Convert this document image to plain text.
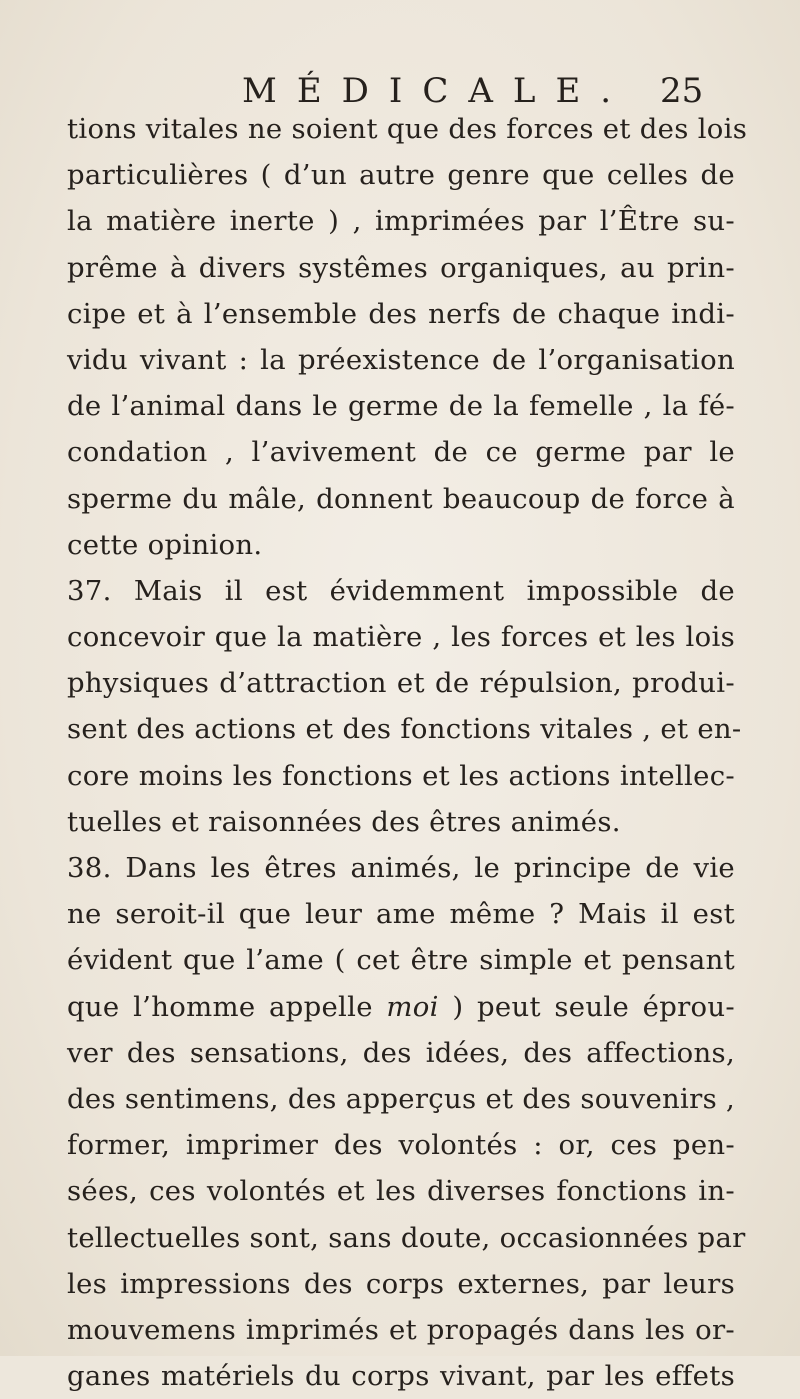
MÉDICALE. 25
tions vitales ne soient que des forces et des lois
particulières ( d’un autre genre que celles de
la matière inerte ) , imprimées par l’Être su-
prême à divers systêmes organiques, au prin-
cipe et à l’ensemble des nerfs de chaque indi-
vidu vivant : la préexistence de l’organisation
de l’animal dans le germe de la femelle , la fé-
condation , l’avivement de ce germe par le
sperme du mâle, donnent beaucoup de force à
cette opinion.
37. Mais il est évidemment impossible de
concevoir que la matière , les forces et les lois
physiques d’attraction et de répulsion, produi-
sent des actions et des fonctions vitales , et en-
core moins les fonctions et les actions intellec-
tuelles et raisonnées des êtres animés.
38. Dans les êtres animés, le principe de vie
ne seroit-il que leur ame même ? Mais il est
évident que l’ame ( cet être simple et pensant
que l’homme appelle moi ) peut seule éprou-
ver des sensations, des idées, des affections,
des sentimens, des apperçus et des souvenirs ,
former, imprimer des volontés : or, ces pen-
sées, ces volontés et les diverses fonctions in-
tellectuelles sont, sans doute, occasionnées par
les impressions des corps externes, par leurs
mouvemens imprimés et propagés dans les or-
ganes matériels du corps vivant, par les effets
